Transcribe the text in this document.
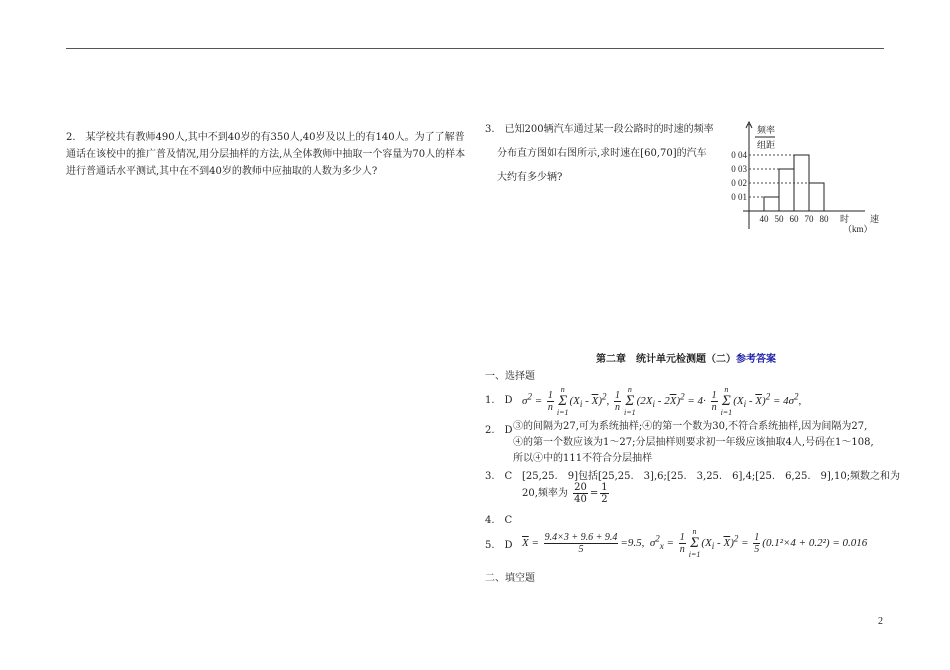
2.　某学校共有教师490人,其中不到40岁的有350人,40岁及以上的有140人。为了了解普
通话在该校中的推广普及情况,用分层抽样的方法,从全体教师中抽取一个容量为70人的样本
进行普通话水平测试,其中在不到40岁的教师中应抽取的人数为多少人?
3.　已知200辆汽车通过某一段公路时的时速的频率
分布直方图如右图所示,求时速在[60,70]的汽车
大约有多少辆?
频率
组距
0 04
0 03
0 02
0 01
40 50 60 70 80 时 速
（km）
第二章　统计单元检测题（二）参考答案
一、选择题
1.　D $\sigma^2 = \frac{1}{n}$
n
Σ
$i=1(X_i - \overline{X})^2$, $\frac{1}{n}$
n
Σ
$i=1(2X_i - 2\overline{X})^2 = 4\cdot \frac{1}{n}$
n
Σ
$i=1(X_i - \overline{X})^2 = 4\sigma^2$,
2.　D ③的间隔为27,可为系统抽样;④的第一个数为30,不符合系统抽样,因为间隔为27,
④的第一个数应该为1～27;分层抽样则要求初一年级应该抽取4人,号码在1～108,
所以④中的111不符合分层抽样
3.　C [25,25.　9]包括[25,25.　3],6;[25.　3,25.　6],4;[25.　6,25.　9],10;频数之和为
20,频率为 $\frac{20}{40} = \frac{1}{2}$
4.　C
5.　D $\overline{X} = \frac{9.4\times 3 + 9.6 + 9.4}{5} =9.5$,  $\sigma^2_x = \frac{1}{n}$
n
Σ
$i=1(X_i - \overline{X})^2 = \frac{1}{5} (0.1^2\times 4 + 0.2^2) = 0.016$
二、填空题
2
